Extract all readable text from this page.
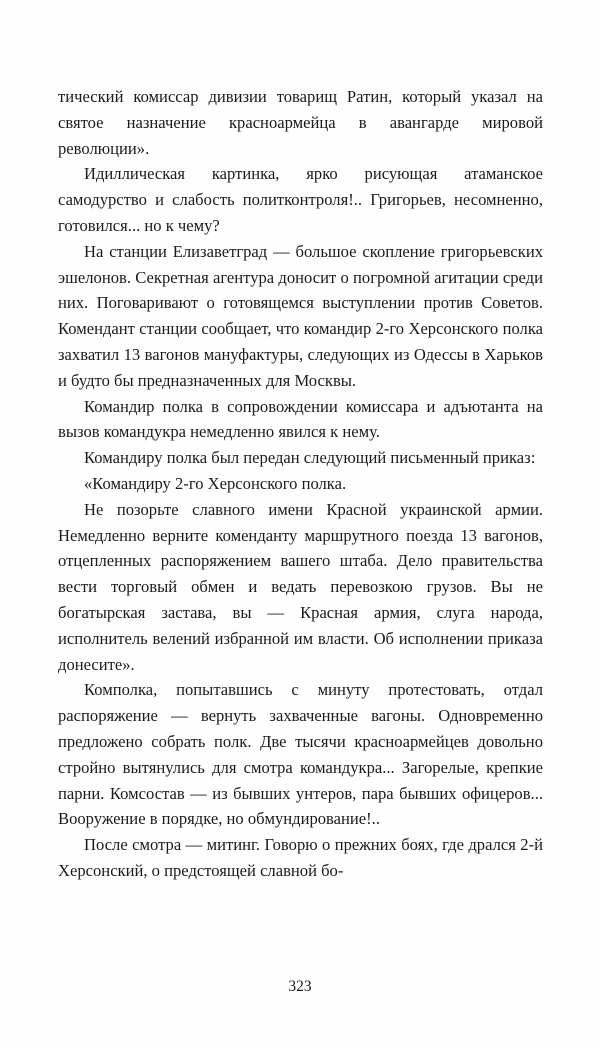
тический комиссар дивизии товарищ Ратин, который указал на святое назначение красноармейца в авангарде мировой революции».

Идиллическая картинка, ярко рисующая атаманское самодурство и слабость политконтроля!.. Григорьев, несомненно, готовился... но к чему?

На станции Елизаветград — большое скопление григорьевских эшелонов. Секретная агентура доносит о погромной агитации среди них. Поговаривают о готовящемся выступлении против Советов. Комендант станции сообщает, что командир 2-го Херсонского полка захватил 13 вагонов мануфактуры, следующих из Одессы в Харьков и будто бы предназначенных для Москвы.

Командир полка в сопровождении комиссара и адъютанта на вызов командукра немедленно явился к нему.

Командиру полка был передан следующий письменный приказ:

«Командиру 2-го Херсонского полка.

Не позорьте славного имени Красной украинской армии. Немедленно верните коменданту маршрутного поезда 13 вагонов, отцепленных распоряжением вашего штаба. Дело правительства вести торговый обмен и ведать перевозкою грузов. Вы не богатырская застава, вы — Красная армия, слуга народа, исполнитель велений избранной им власти. Об исполнении приказа донесите».

Комполка, попытавшись с минуту протестовать, отдал распоряжение — вернуть захваченные вагоны. Одновременно предложено собрать полк. Две тысячи красноармейцев довольно стройно вытянулись для смотра командукра... Загорелые, крепкие парни. Комсостав — из бывших унтеров, пара бывших офицеров... Вооружение в порядке, но обмундирование!..

После смотра — митинг. Говорю о прежних боях, где дрался 2-й Херсонский, о предстоящей славной бо-

323
